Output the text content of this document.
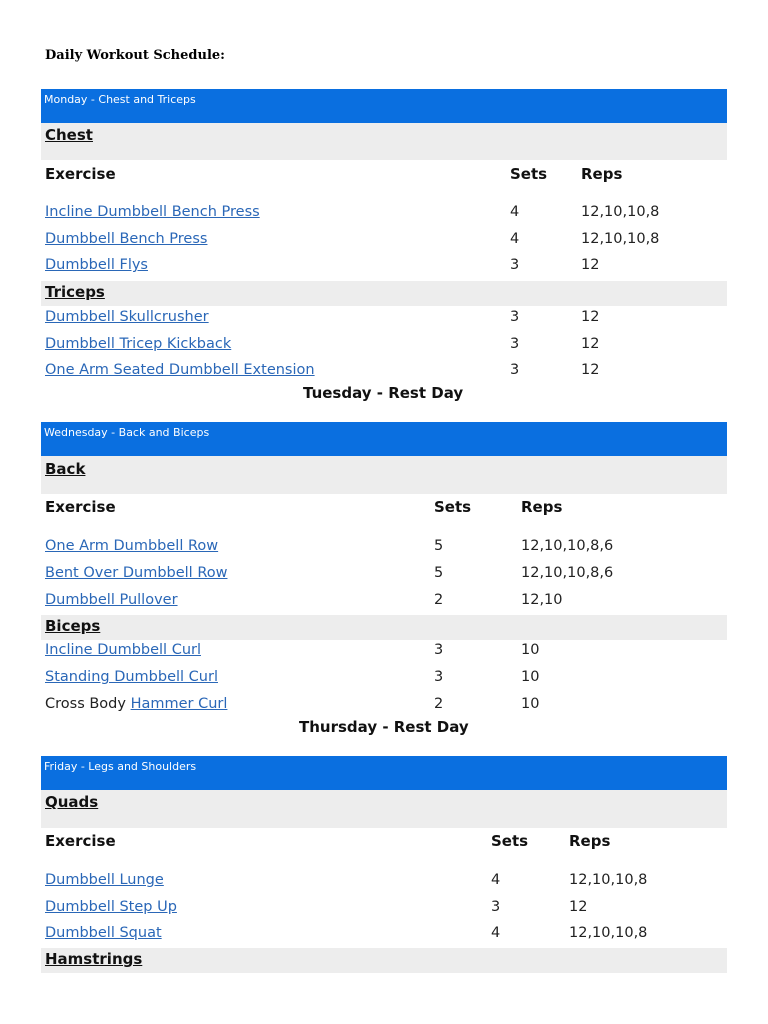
Daily Workout Schedule:
Monday - Chest and Triceps
Chest
Exercise	Sets Reps
Incline Dumbbell Bench Press	4	12,10,10,8
Dumbbell Bench Press	4	12,10,10,8
Dumbbell Flys	3	12
Triceps
Dumbbell Skullcrusher	3	12
Dumbbell Tricep Kickback	3	12
One Arm Seated Dumbbell Extension	3	12
Tuesday - Rest Day
Wednesday - Back and Biceps
Back
Exercise	Sets	Reps
One Arm Dumbbell Row	5	12,10,10,8,6
Bent Over Dumbbell Row	5	12,10,10,8,6
Dumbbell Pullover	2	12,10
Biceps
Incline Dumbbell Curl	3	10
Standing Dumbbell Curl	3	10
Cross Body Hammer Curl	2	10
Thursday - Rest Day
Friday - Legs and Shoulders
Quads
Exercise	Sets	Reps
Dumbbell Lunge	4	12,10,10,8
Dumbbell Step Up	3	12
Dumbbell Squat	4	12,10,10,8
Hamstrings
